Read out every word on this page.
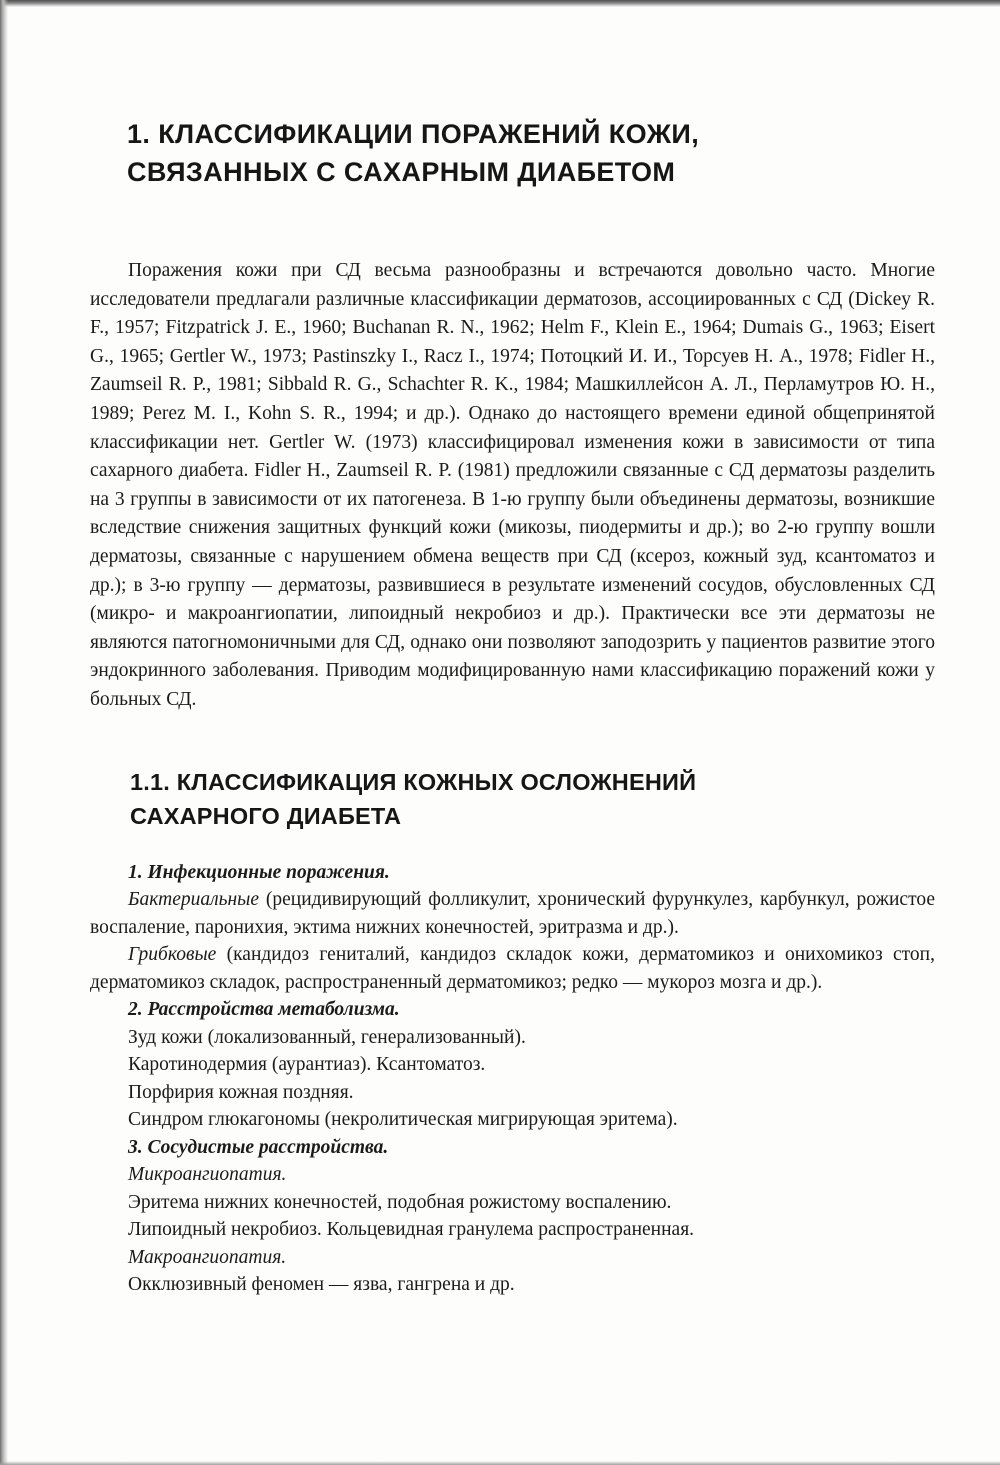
1. КЛАССИФИКАЦИИ ПОРАЖЕНИЙ КОЖИ,
СВЯЗАННЫХ С САХАРНЫМ ДИАБЕТОМ

Поражения кожи при СД весьма разнообразны и встречаются довольно часто. Многие исследователи предлагали различные классификации дерматозов, ассоциированных с СД (Dickey R. F., 1957; Fitzpatrick J. E., 1960; Buchanan R. N., 1962; Helm F., Klein E., 1964; Dumais G., 1963; Eisert G., 1965; Gertler W., 1973; Pastinszky I., Racz I., 1974; Потоцкий И. И., Торсуев Н. А., 1978; Fidler H., Zaumseil R. P., 1981; Sibbald R. G., Schachter R. K., 1984; Машкиллейсон А. Л., Перламутров Ю. Н., 1989; Perez M. I., Kohn S. R., 1994; и др.). Однако до настоящего времени единой общепринятой классификации нет. Gertler W. (1973) классифицировал изменения кожи в зависимости от типа сахарного диабета. Fidler H., Zaumseil R. P. (1981) предложили связанные с СД дерматозы разделить на 3 группы в зависимости от их патогенеза. В 1-ю группу были объединены дерматозы, возникшие вследствие снижения защитных функций кожи (микозы, пиодермиты и др.); во 2-ю группу вошли дерматозы, связанные с нарушением обмена веществ при СД (ксероз, кожный зуд, ксантоматоз и др.); в 3-ю группу — дерматозы, развившиеся в результате изменений сосудов, обусловленных СД (микро- и макроангиопатии, липоидный некробиоз и др.). Практически все эти дерматозы не являются патогномоничными для СД, однако они позволяют заподозрить у пациентов развитие этого эндокринного заболевания. Приводим модифицированную нами классификацию поражений кожи у больных СД.

1.1. КЛАССИФИКАЦИЯ КОЖНЫХ ОСЛОЖНЕНИЙ
САХАРНОГО ДИАБЕТА

1. Инфекционные поражения.

Бактериальные (рецидивирующий фолликулит, хронический фурункулез, карбункул, рожистое воспаление, паронихия, эктима нижних конечностей, эритразма и др.).

Грибковые (кандидоз гениталий, кандидоз складок кожи, дерматомикоз и онихомикоз стоп, дерматомикоз складок, распространенный дерматомикоз; редко — мукороз мозга и др.).

2. Расстройства метаболизма.

Зуд кожи (локализованный, генерализованный).

Каротинодермия (аурантиаз). Ксантоматоз.

Порфирия кожная поздняя.

Синдром глюкагономы (некролитическая мигрирующая эритема).

3. Сосудистые расстройства.

Микроангиопатия.

Эритема нижних конечностей, подобная рожистому воспалению.

Липоидный некробиоз. Кольцевидная гранулема распространенная.

Макроангиопатия.

Окклюзивный феномен — язва, гангрена и др.
